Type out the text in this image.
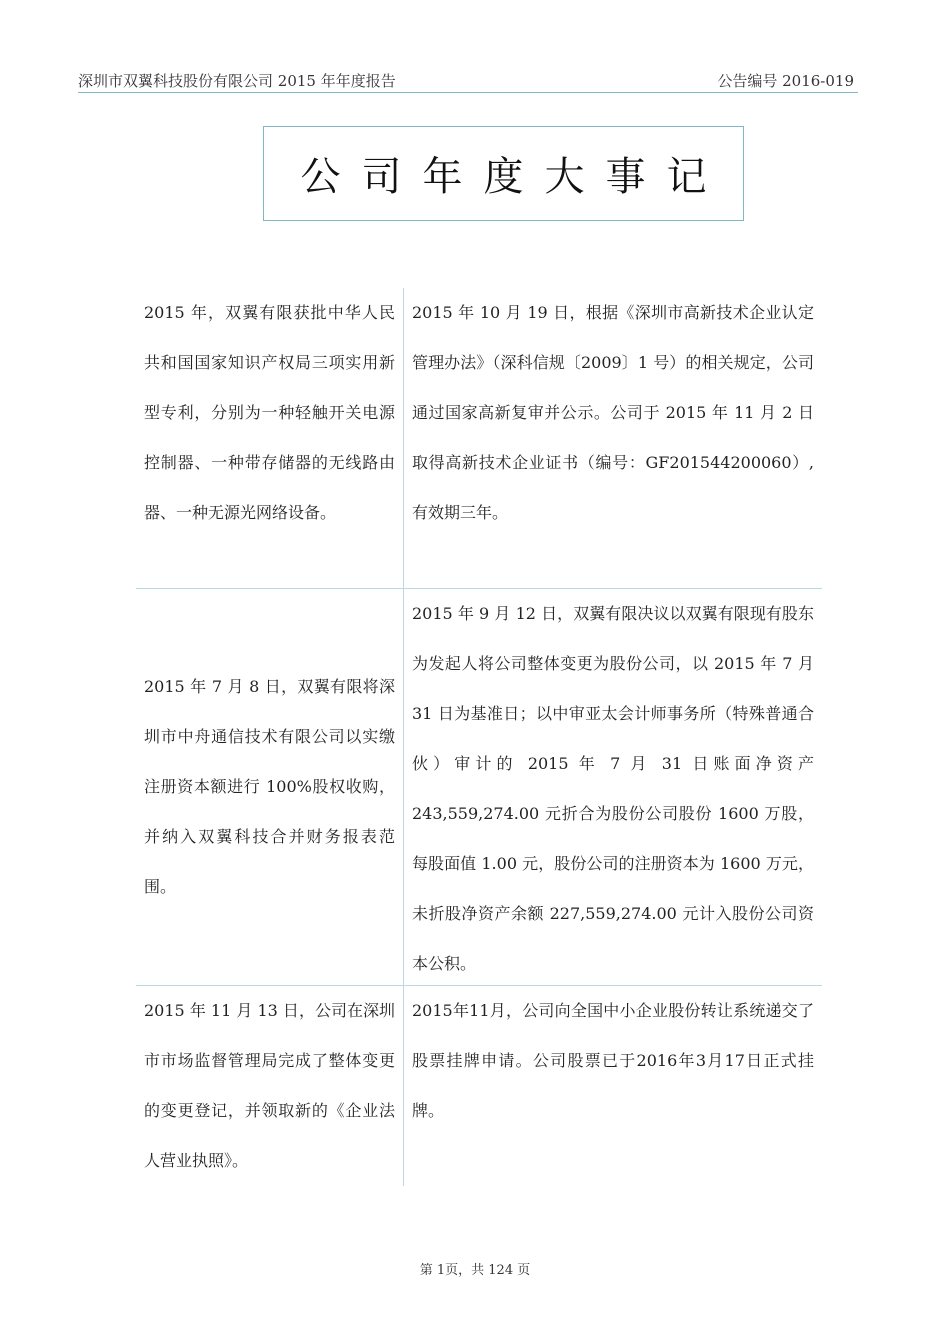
深圳市双翼科技股份有限公司 2015 年年度报告	公告编号 2016-019
公司年度大事记
2015 年，双翼有限获批中华人民共和国国家知识产权局三项实用新型专利，分别为一种轻触开关电源控制器、一种带存储器的无线路由器、一种无源光网络设备。
2015 年 10 月 19 日，根据《深圳市高新技术企业认定管理办法》（深科信规〔2009〕1 号）的相关规定，公司通过国家高新复审并公示。公司于 2015 年 11 月 2 日取得高新技术企业证书（编号：GF201544200060）,有效期三年。
2015 年 7 月 8 日，双翼有限将深圳市中舟通信技术有限公司以实缴注册资本额进行 100%股权收购，并纳入双翼科技合并财务报表范围。
2015 年 9 月 12 日，双翼有限决议以双翼有限现有股东为发起人将公司整体变更为股份公司，以 2015 年 7 月 31 日为基准日；以中审亚太会计师事务所（特殊普通合伙）审计的 2015 年 7 月 31 日账面净资产 243,559,274.00 元折合为股份公司股份 1600 万股，每股面值 1.00 元，股份公司的注册资本为 1600 万元，未折股净资产余额 227,559,274.00 元计入股份公司资本公积。
2015 年 11 月 13 日，公司在深圳市市场监督管理局完成了整体变更的变更登记，并领取新的《企业法人营业执照》。
2015年11月，公司向全国中小企业股份转让系统递交了股票挂牌申请。公司股票已于2016年3月17日正式挂牌。
第 1页，共 124 页
